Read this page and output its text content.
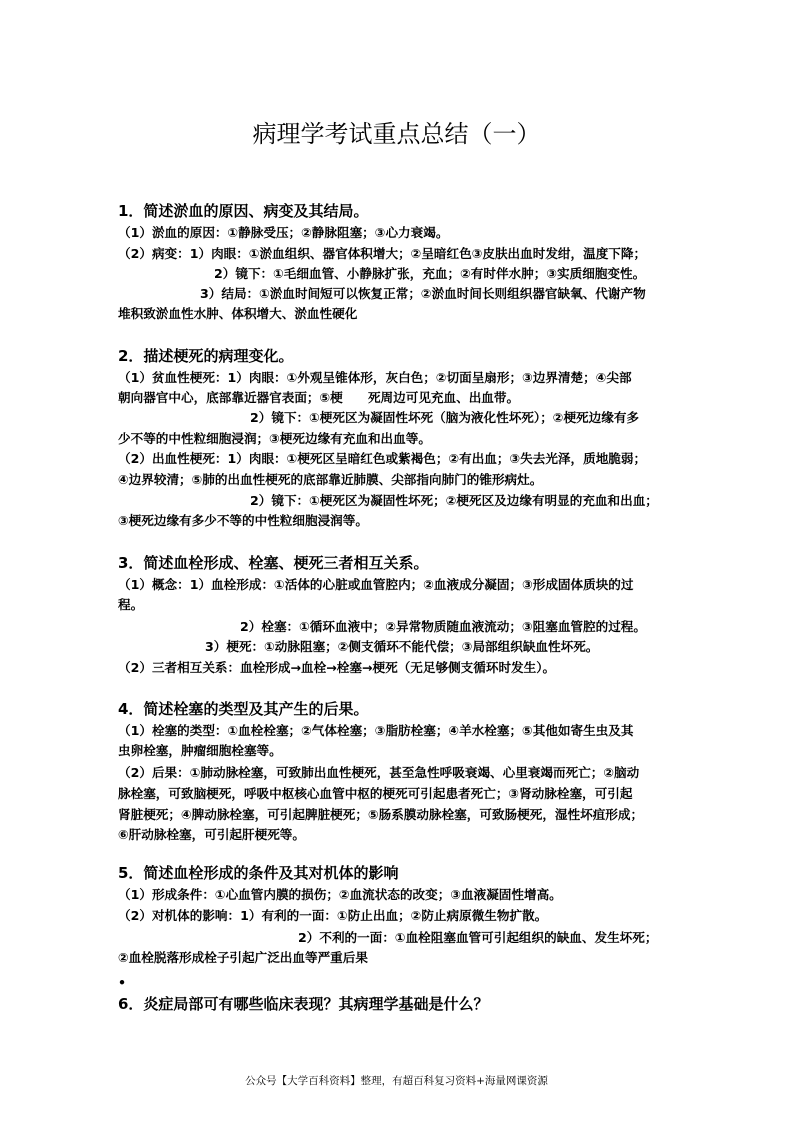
病理学考试重点总结（一）
1．简述淤血的原因、病变及其结局。
（1）淤血的原因：①静脉受压；②静脉阻塞；③心力衰竭。
（2）病变：1）肉眼：①淤血组织、器官体积增大；②呈暗红色③皮肤出血时发绀，温度下降；
2）镜下：①毛细血管、小静脉扩张，充血；②有时伴水肿；③实质细胞变性。
3）结局：①淤血时间短可以恢复正常；②淤血时间长则组织器官缺氧、代谢产物
堆积致淤血性水肿、体积增大、淤血性硬化
2．描述梗死的病理变化。
（1）贫血性梗死：1）肉眼：①外观呈锥体形，灰白色；②切面呈扇形；③边界清楚；④尖部
朝向器官中心，底部靠近器官表面；⑤梗　　死周边可见充血、出血带。
2）镜下：①梗死区为凝固性坏死（脑为液化性坏死）；②梗死边缘有多
少不等的中性粒细胞浸润；③梗死边缘有充血和出血等。
（2）出血性梗死：1）肉眼：①梗死区呈暗红色或紫褐色；②有出血；③失去光泽，质地脆弱；
④边界较清；⑤肺的出血性梗死的底部靠近肺膜、尖部指向肺门的锥形病灶。
2）镜下：①梗死区为凝固性坏死；②梗死区及边缘有明显的充血和出血；
③梗死边缘有多少不等的中性粒细胞浸润等。
3．简述血栓形成、栓塞、梗死三者相互关系。
（1）概念：1）血栓形成：①活体的心脏或血管腔内；②血液成分凝固；③形成固体质块的过
程。
2）栓塞：①循环血液中；②异常物质随血液流动；③阻塞血管腔的过程。
3）梗死：①动脉阻塞；②侧支循环不能代偿；③局部组织缺血性坏死。
（2）三者相互关系：血栓形成→血栓→栓塞→梗死（无足够侧支循环时发生）。
4．简述栓塞的类型及其产生的后果。
（1）栓塞的类型：①血栓栓塞；②气体栓塞；③脂肪栓塞；④羊水栓塞；⑤其他如寄生虫及其
虫卵栓塞，肿瘤细胞栓塞等。
（2）后果：①肺动脉栓塞，可致肺出血性梗死，甚至急性呼吸衰竭、心里衰竭而死亡；②脑动
脉栓塞，可致脑梗死，呼吸中枢核心血管中枢的梗死可引起患者死亡；③肾动脉栓塞，可引起
肾脏梗死；④脾动脉栓塞，可引起脾脏梗死；⑤肠系膜动脉栓塞，可致肠梗死，湿性坏疽形成；
⑥肝动脉栓塞，可引起肝梗死等。
5．简述血栓形成的条件及其对机体的影响
（1）形成条件：①心血管内膜的损伤；②血流状态的改变；③血液凝固性增高。
（2）对机体的影响：1）有利的一面：①防止出血；②防止病原微生物扩散。
2）不利的一面：①血栓阻塞血管可引起组织的缺血、发生坏死；
②血栓脱落形成栓子引起广泛出血等严重后果
•
6．炎症局部可有哪些临床表现？其病理学基础是什么？
公众号【大学百科资料】整理，有超百科复习资料+海量网课资源
